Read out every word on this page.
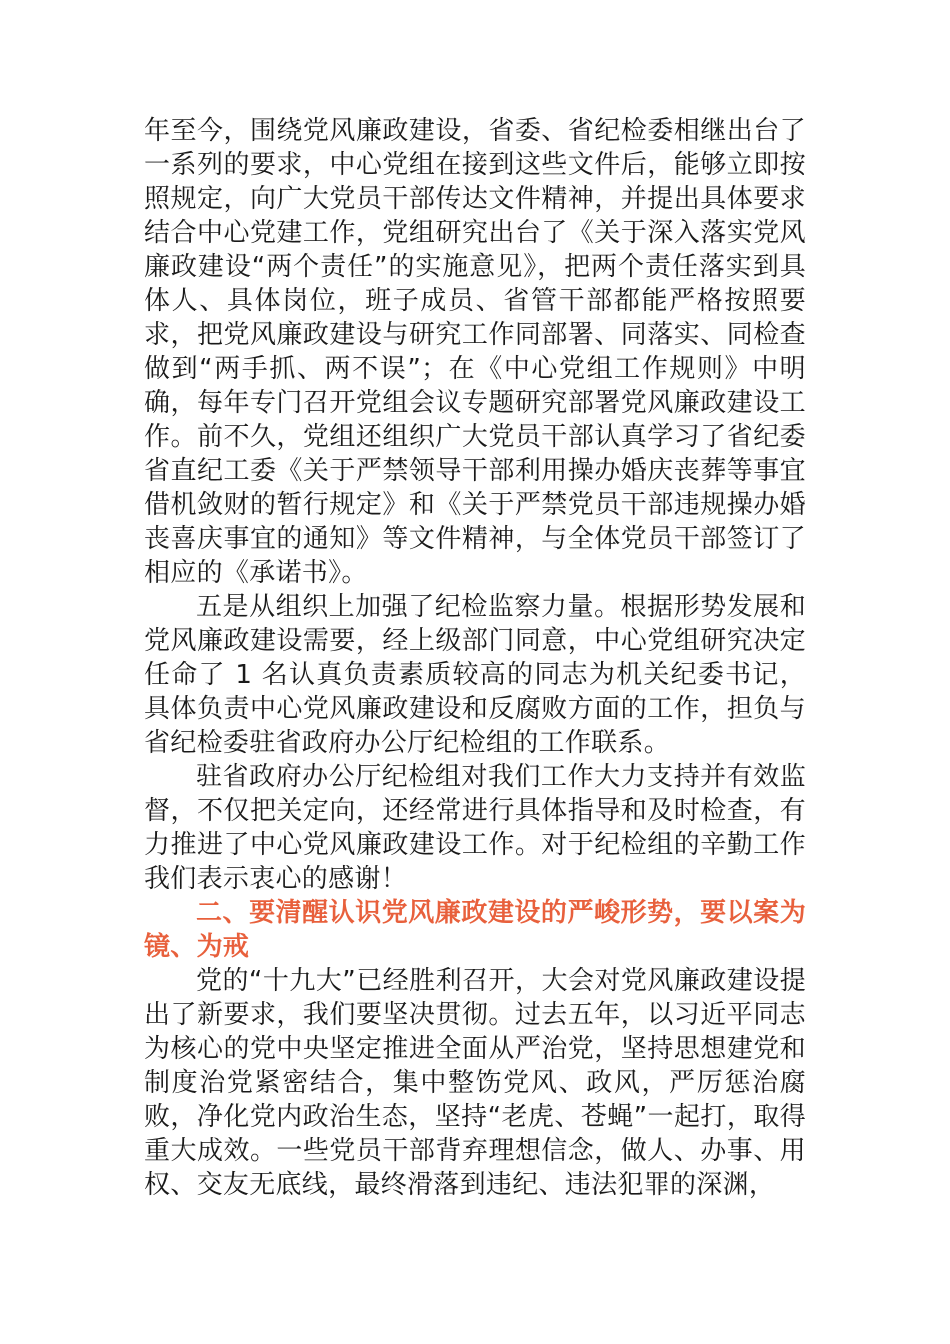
年至今，围绕党风廉政建设，省委、省纪检委相继出台了一系列的要求，中心党组在接到这些文件后，能够立即按照规定，向广大党员干部传达文件精神，并提出具体要求结合中心党建工作，党组研究出台了《关于深入落实党风廉政建设“两个责任”的实施意见》，把两个责任落实到具体人、具体岗位，班子成员、省管干部都能严格按照要求，把党风廉政建设与研究工作同部署、同落实、同检查做到“两手抓、两不误”；在《中心党组工作规则》中明确，每年专门召开党组会议专题研究部署党风廉政建设工作。前不久，党组还组织广大党员干部认真学习了省纪委省直纪工委《关于严禁领导干部利用操办婚庆丧葬等事宜借机敛财的暂行规定》和《关于严禁党员干部违规操办婚丧喜庆事宜的通知》等文件精神，与全体党员干部签订了相应的《承诺书》。

五是从组织上加强了纪检监察力量。根据形势发展和党风廉政建设需要，经上级部门同意，中心党组研究决定任命了 1 名认真负责素质较高的同志为机关纪委书记，具体负责中心党风廉政建设和反腐败方面的工作，担负与省纪检委驻省政府办公厅纪检组的工作联系。

驻省政府办公厅纪检组对我们工作大力支持并有效监督，不仅把关定向，还经常进行具体指导和及时检查，有力推进了中心党风廉政建设工作。对于纪检组的辛勤工作我们表示衷心的感谢！

二、要清醒认识党风廉政建设的严峻形势，要以案为镜、为戒

党的“十九大”已经胜利召开，大会对党风廉政建设提出了新要求，我们要坚决贯彻。过去五年，以习近平同志为核心的党中央坚定推进全面从严治党，坚持思想建党和制度治党紧密结合，集中整饬党风、政风，严厉惩治腐败，净化党内政治生态，坚持“老虎、苍蝇”一起打，取得重大成效。一些党员干部背弃理想信念，做人、办事、用权、交友无底线，最终滑落到违纪、违法犯罪的深渊，
